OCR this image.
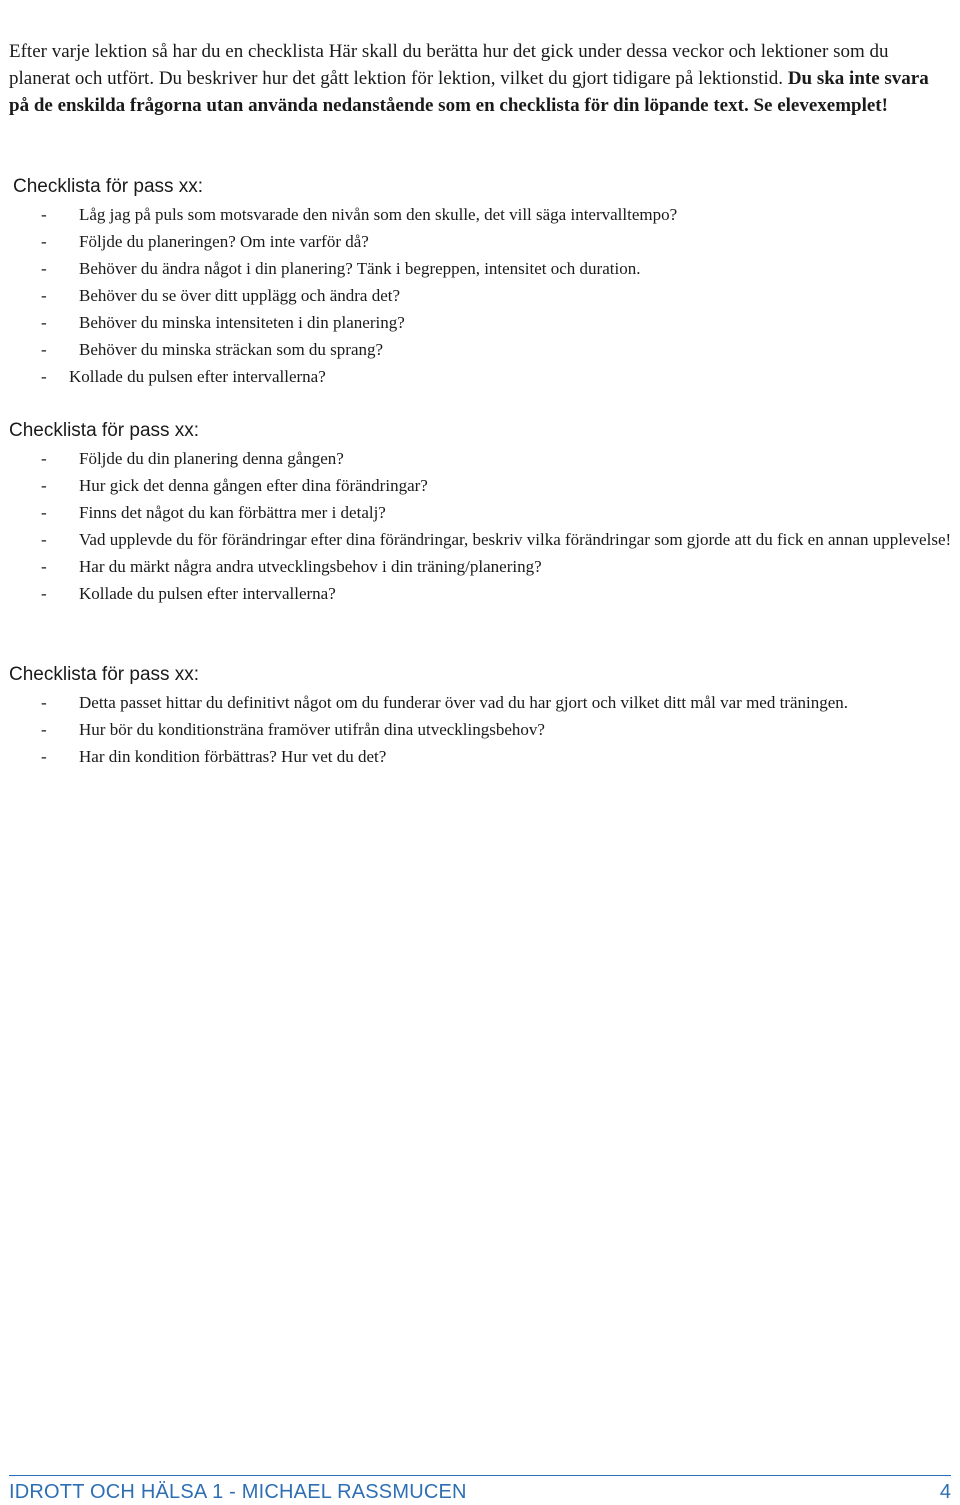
Efter varje lektion så har du en checklista Här skall du berätta hur det gick under dessa veckor och lektioner som du planerat och utfört. Du beskriver hur det gått lektion för lektion, vilket du gjort tidigare på lektionstid. Du ska inte svara på de enskilda frågorna utan använda nedanstående som en checklista för din löpande text. Se elevexemplet!

Checklista för pass xx:
- Låg jag på puls som motsvarade den nivån som den skulle, det vill säga intervalltempo?
- Följde du planeringen? Om inte varför då?
- Behöver du ändra något i din planering? Tänk i begreppen, intensitet och duration.
- Behöver du se över ditt upplägg och ändra det?
- Behöver du minska intensiteten i din planering?
- Behöver du minska sträckan som du sprang?
- Kollade du pulsen efter intervallerna?
Checklista för pass xx:
- Följde du din planering denna gången?
- Hur gick det denna gången efter dina förändringar?
- Finns det något du kan förbättra mer i detalj?
- Vad upplevde du för förändringar efter dina förändringar, beskriv vilka förändringar som gjorde att du fick en annan upplevelse!
- Har du märkt några andra utvecklingsbehov i din träning/planering?
- Kollade du pulsen efter intervallerna?
Checklista för pass xx:
- Detta passet hittar du definitivt något om du funderar över vad du har gjort och vilket ditt mål var med träningen.
- Hur bör du konditionsträna framöver utifrån dina utvecklingsbehov?
- Har din kondition förbättras? Hur vet du det?
IDROTT OCH HÄLSA 1 - MICHAEL RASSMUCEN	4
